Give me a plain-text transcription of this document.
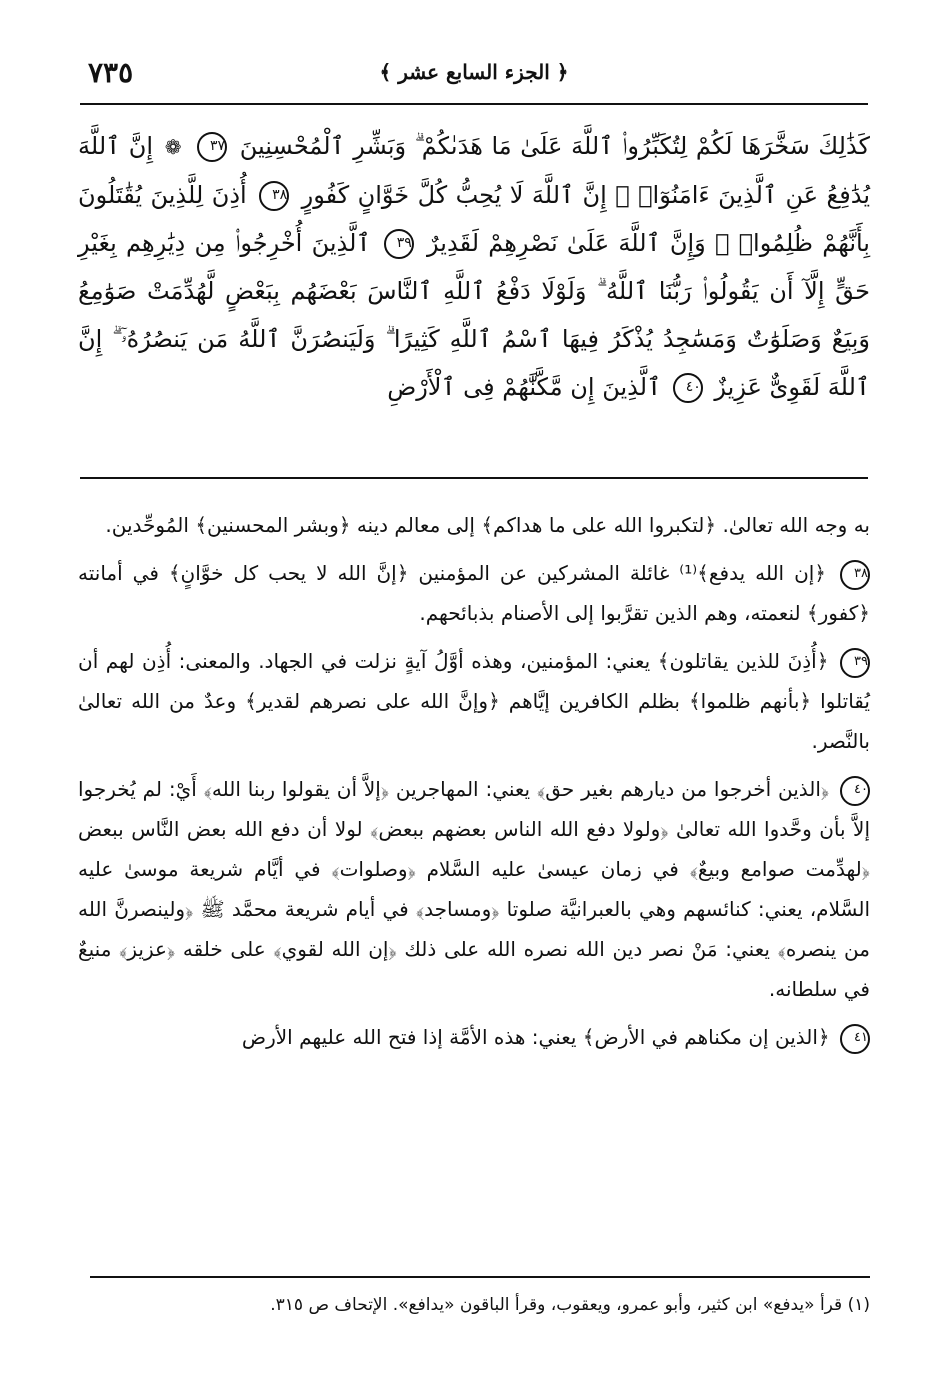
﴿ الجزء السابع عشر ﴾
٧٣٥
كَذَٰلِكَ سَخَّرَهَا لَكُمْ لِتُكَبِّرُوا۟ ٱللَّهَ عَلَىٰ مَا هَدَىٰكُمْ ۗ وَبَشِّرِ ٱلْمُحْسِنِينَ ٣٧ ❁ إِنَّ ٱللَّهَ يُدَٰفِعُ عَنِ ٱلَّذِينَ ءَامَنُوٓا۟ ۗ إِنَّ ٱللَّهَ لَا يُحِبُّ كُلَّ خَوَّانٍ كَفُورٍ ٣٨ أُذِنَ لِلَّذِينَ يُقَٰتَلُونَ بِأَنَّهُمْ ظُلِمُوا۟ ۚ وَإِنَّ ٱللَّهَ عَلَىٰ نَصْرِهِمْ لَقَدِيرٌ ٣٩ ٱلَّذِينَ أُخْرِجُوا۟ مِن دِيَٰرِهِم بِغَيْرِ حَقٍّ إِلَّآ أَن يَقُولُوا۟ رَبُّنَا ٱللَّهُ ۗ وَلَوْلَا دَفْعُ ٱللَّهِ ٱلنَّاسَ بَعْضَهُم بِبَعْضٍ لَّهُدِّمَتْ صَوَٰمِعُ وَبِيَعٌ وَصَلَوَٰتٌ وَمَسَٰجِدُ يُذْكَرُ فِيهَا ٱسْمُ ٱللَّهِ كَثِيرًا ۗ وَلَيَنصُرَنَّ ٱللَّهُ مَن يَنصُرُهُۥٓ ۗ إِنَّ ٱللَّهَ لَقَوِىٌّ عَزِيزٌ ٤٠ ٱلَّذِينَ إِن مَّكَّنَّٰهُمْ فِى ٱلْأَرْضِ

به وجه الله تعالىٰ. ﴿لتكبروا الله على ما هداكم﴾ إلى معالم دينه ﴿وبشر المحسنين﴾ المُوحِّدين.

٣٨ ﴿إن الله يدفع﴾⁽¹⁾ غائلة المشركين عن المؤمنين ﴿إنَّ الله لا يحب كل خوَّانٍ﴾ في أمانته ﴿كفور﴾ لنعمته، وهم الذين تقرَّبوا إلى الأصنام بذبائحهم.

٣٩ ﴿أُذِنَ للذين يقاتلون﴾ يعني: المؤمنين، وهذه أوَّلُ آيةٍ نزلت في الجهاد. والمعنى: أُذِن لهم أن يُقاتلوا ﴿بأنهم ظلموا﴾ بظلم الكافرين إيَّاهم ﴿وإنَّ الله على نصرهم لقدير﴾ وعدٌ من الله تعالىٰ بالنَّصر.

٤٠ ﴿الذين أخرجوا من ديارهم بغير حق﴾ يعني: المهاجرين ﴿إلاَّ أن يقولوا ربنا الله﴾ أَيْ: لم يُخرجوا إلاَّ بأن وحَّدوا الله تعالىٰ ﴿ولولا دفع الله الناس بعضهم ببعض﴾ لولا أن دفع الله بعض النَّاس ببعض ﴿لهدِّمت صوامع وبيعٌ﴾ في زمان عيسىٰ عليه السَّلام ﴿وصلوات﴾ في أيَّام شريعة موسىٰ عليه السَّلام، يعني: كنائسهم وهي بالعبرانيَّة صلوتا ﴿ومساجد﴾ في أيام شريعة محمَّد ﷺ ﴿ولينصرنَّ الله من ينصره﴾ يعني: مَنْ نصر دين الله نصره الله على ذلك ﴿إن الله لقوي﴾ على خلقه ﴿عزيز﴾ منيعٌ في سلطانه.

٤١ ﴿الذين إن مكناهم في الأرض﴾ يعني: هذه الأمَّة إذا فتح الله عليهم الأرض

(١) قرأ «يدفع» ابن كثير، وأبو عمرو، ويعقوب، وقرأ الباقون «يدافع». الإتحاف ص ٣١٥.
